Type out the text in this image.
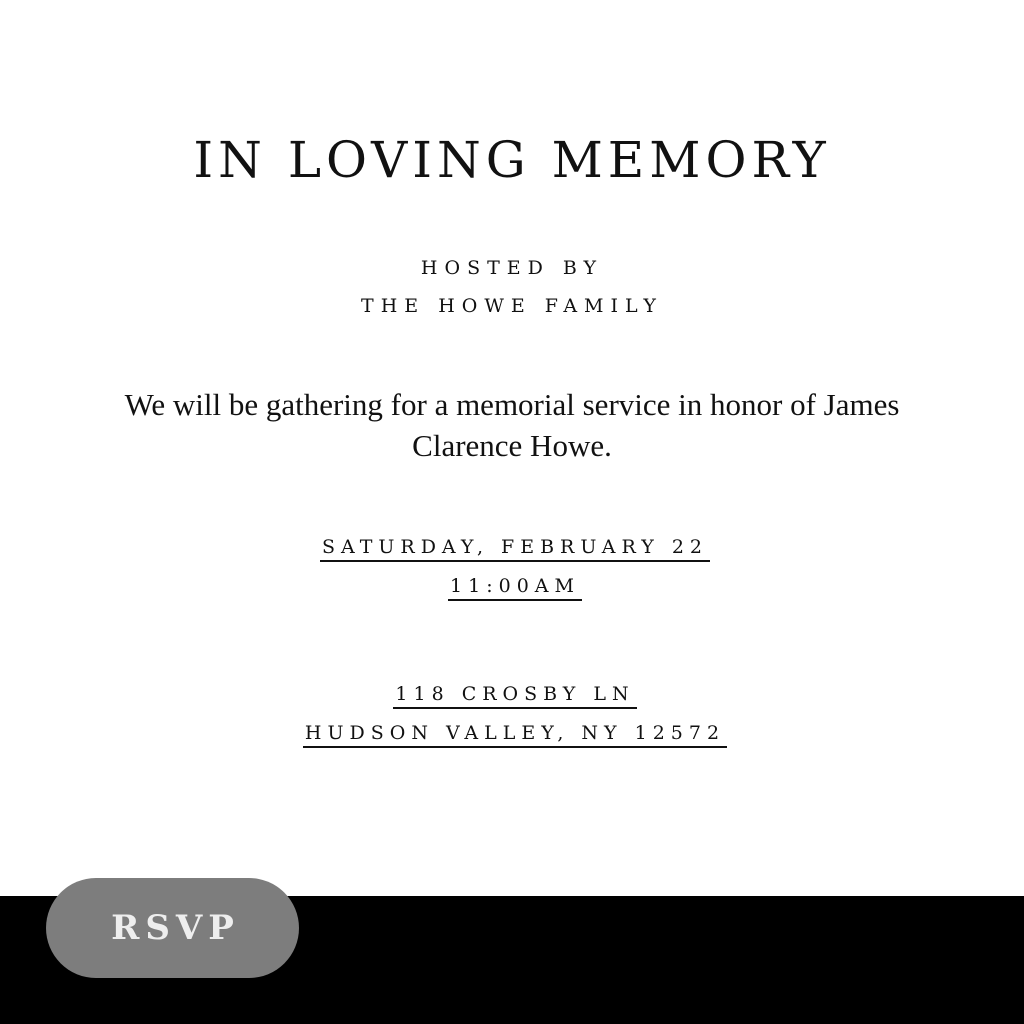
IN LOVING MEMORY
HOSTED BY
THE HOWE FAMILY
We will be gathering for a memorial service in honor of James Clarence Howe.
SATURDAY, FEBRUARY 22
11:00AM
118 CROSBY LN
HUDSON VALLEY, NY 12572
RSVP
